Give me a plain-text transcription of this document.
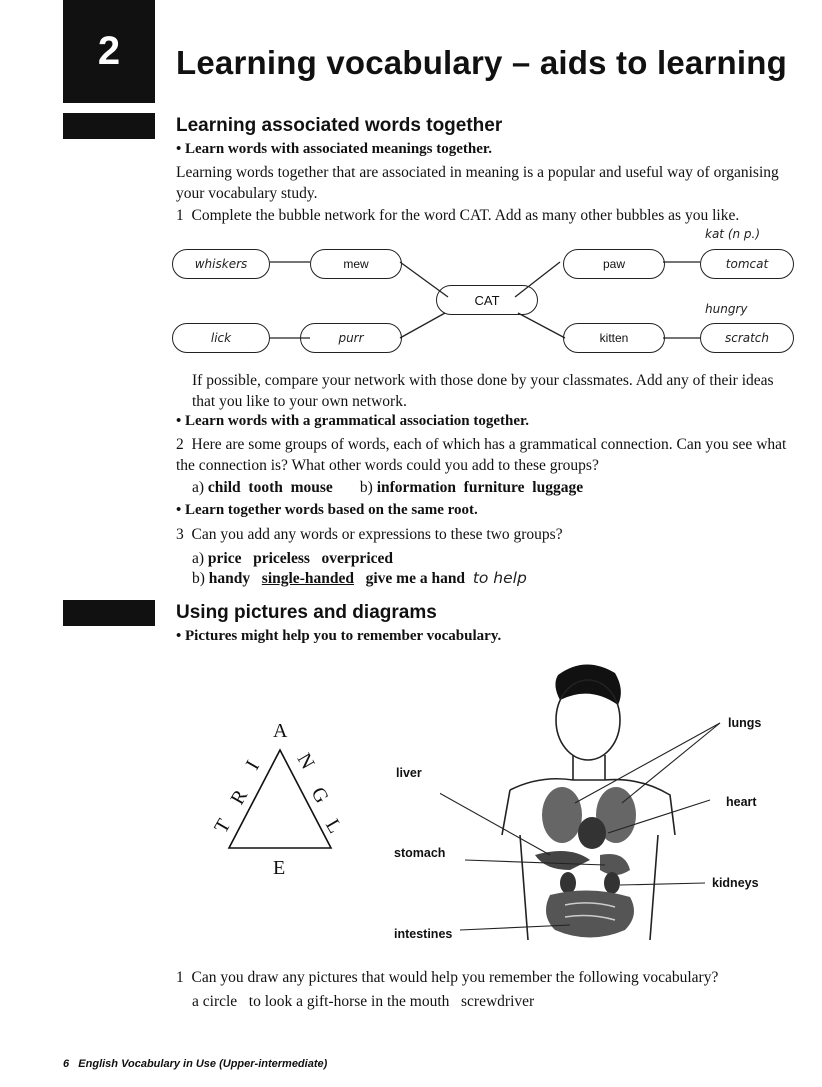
2 Learning vocabulary – aids to learning
Learning associated words together
• Learn words with associated meanings together.
Learning words together that are associated in meaning is a popular and useful way of organising your vocabulary study.
1 Complete the bubble network for the word CAT. Add as many other bubbles as you like.
mew	paw
CAT
kitten
whiskers	tomcat
lick	purr	scratch
kat (n p.)
hungry
If possible, compare your network with those done by your classmates. Add any of their ideas that you like to your own network.
• Learn words with a grammatical association together.
2 Here are some groups of words, each of which has a grammatical connection. Can you see what the connection is? What other words could you add to these groups?
a) child  tooth  mouse b) information  furniture  luggage
• Learn together words based on the same root.
3 Can you add any words or expressions to these two groups?
a) price   priceless   overpriced
b) handy single-handed give me a hand to help
Using pictures and diagrams
• Pictures might help you to remember vocabulary.
A
N
G
L
I
R
T
E
liver
stomach
intestines
lungs
heart
kidneys
1 Can you draw any pictures that would help you remember the following vocabulary?
a circle   to look a gift-horse in the mouth   screwdriver
6 English Vocabulary in Use (Upper-intermediate)
